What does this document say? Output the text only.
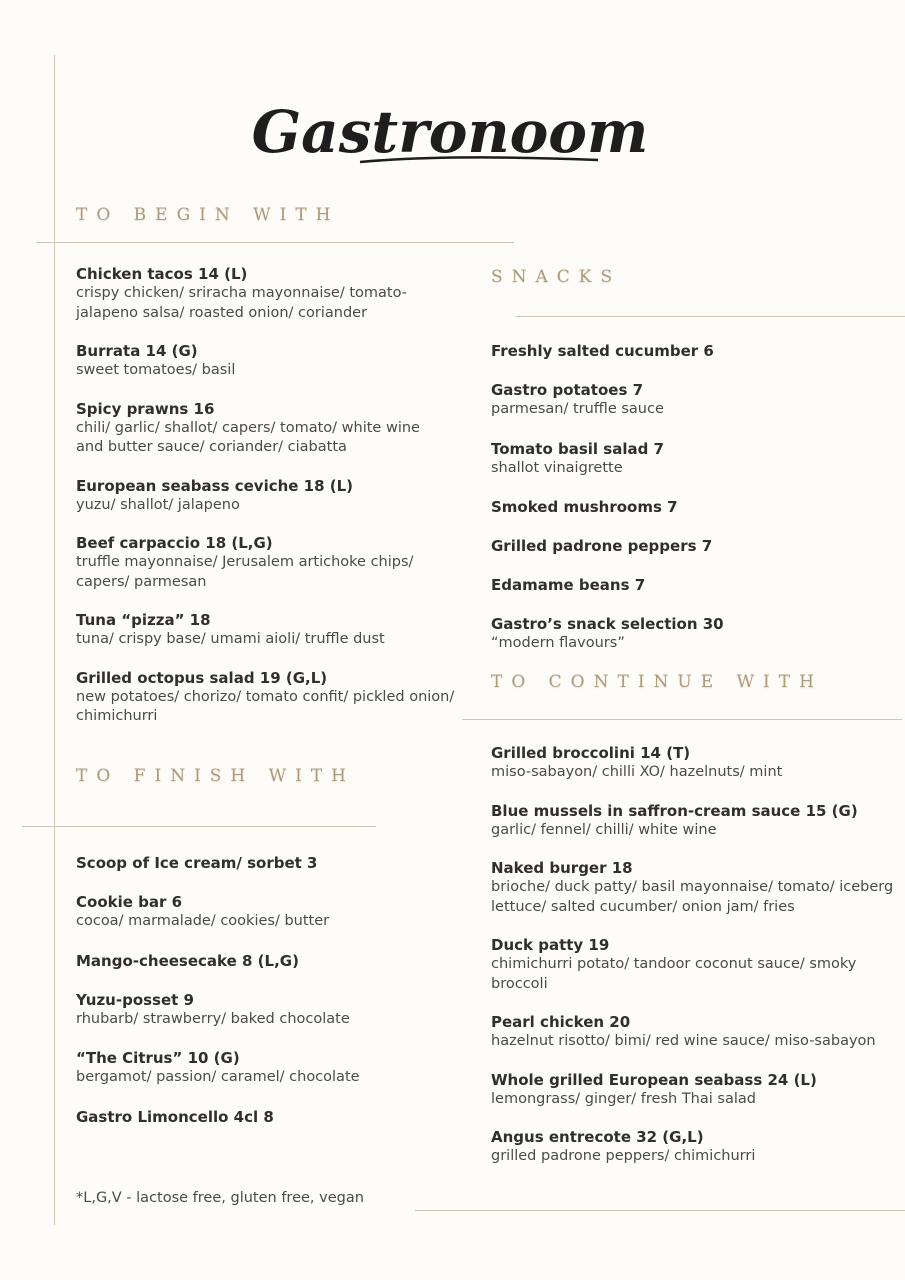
Gastronoom
TO BEGIN WITH
SNACKS
TO CONTINUE WITH
TO FINISH WITH
Chicken tacos 14 (L)
crispy chicken/ sriracha mayonnaise/ tomato-jalapeno salsa/ roasted onion/ coriander
Burrata 14 (G)
sweet tomatoes/ basil
Spicy prawns 16
chili/ garlic/ shallot/ capers/ tomato/ white wine and butter sauce/ coriander/ ciabatta
European seabass ceviche 18 (L)
yuzu/ shallot/ jalapeno
Beef carpaccio 18 (L,G)
truffle mayonnaise/ Jerusalem artichoke chips/ capers/ parmesan
Tuna “pizza” 18
tuna/ crispy base/ umami aioli/ truffle dust
Grilled octopus salad 19 (G,L)
new potatoes/ chorizo/ tomato confit/ pickled onion/ chimichurri
Scoop of Ice cream/ sorbet 3
Cookie bar 6
cocoa/ marmalade/ cookies/ butter
Mango-cheesecake 8 (L,G)
Yuzu-posset 9
rhubarb/ strawberry/ baked chocolate
“The Citrus” 10 (G)
bergamot/ passion/ caramel/ chocolate
Gastro Limoncello 4cl 8
Freshly salted cucumber 6
Gastro potatoes 7
parmesan/ truffle sauce
Tomato basil salad 7
shallot vinaigrette
Smoked mushrooms 7
Grilled padrone peppers 7
Edamame beans 7
Gastro’s snack selection 30
“modern flavours”
Grilled broccolini 14 (T)
miso-sabayon/ chilli XO/ hazelnuts/ mint
Blue mussels in saffron-cream sauce 15 (G)
garlic/ fennel/ chilli/ white wine
Naked burger 18
brioche/ duck patty/ basil mayonnaise/ tomato/ iceberg lettuce/ salted cucumber/ onion jam/ fries
Duck patty 19
chimichurri potato/ tandoor coconut sauce/ smoky broccoli
Pearl chicken 20
hazelnut risotto/ bimi/ red wine sauce/ miso-sabayon
Whole grilled European seabass 24 (L)
lemongrass/ ginger/ fresh Thai salad
Angus entrecote 32 (G,L)
grilled padrone peppers/ chimichurri
*L,G,V - lactose free, gluten free, vegan
